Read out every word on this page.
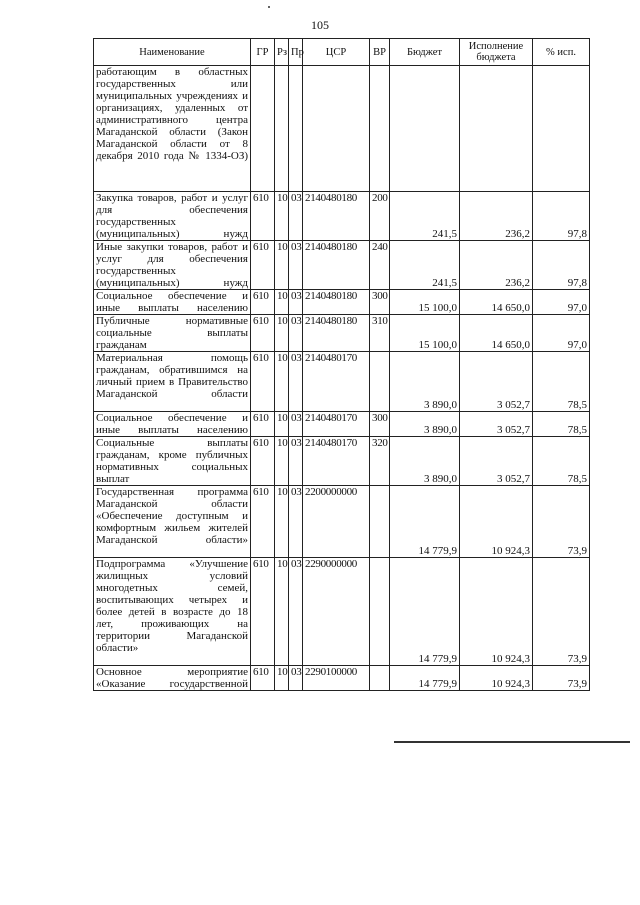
105
Наименование	ГР	Рз	Пр	ЦСР	ВР	Бюджет	Исполнение бюджета	% исп.
работающим в областных государственных или муниципальных учреждениях и организациях, удаленных от административного центра Магаданской области (Закон Магаданской области от 8 декабря 2010 года № 1334-ОЗ)								
Закупка товаров, работ и услуг для обеспечения государственных (муниципальных) нужд	610	10	03	2140480180	200	241,5	236,2	97,8
Иные закупки товаров, работ и услуг для обеспечения государственных (муниципальных) нужд	610	10	03	2140480180	240	241,5	236,2	97,8
Социальное обеспечение и иные выплаты населению	610	10	03	2140480180	300	15 100,0	14 650,0	97,0
Публичные нормативные социальные выплаты гражданам	610	10	03	2140480180	310	15 100,0	14 650,0	97,0
Материальная помощь гражданам, обратившимся на личный прием в Правительство Магаданской области	610	10	03	2140480170		3 890,0	3 052,7	78,5
Социальное обеспечение и иные выплаты населению	610	10	03	2140480170	300	3 890,0	3 052,7	78,5
Социальные выплаты гражданам, кроме публичных нормативных социальных выплат	610	10	03	2140480170	320	3 890,0	3 052,7	78,5
Государственная программа Магаданской области «Обеспечение доступным и комфортным жильем жителей Магаданской области»	610	10	03	2200000000		14 779,9	10 924,3	73,9
Подпрограмма «Улучшение жилищных условий многодетных семей, воспитывающих четырех и более детей в возрасте до 18 лет, проживающих на территории Магаданской области»	610	10	03	2290000000		14 779,9	10 924,3	73,9
Основное мероприятие «Оказание государственной	610	10	03	2290100000		14 779,9	10 924,3	73,9
